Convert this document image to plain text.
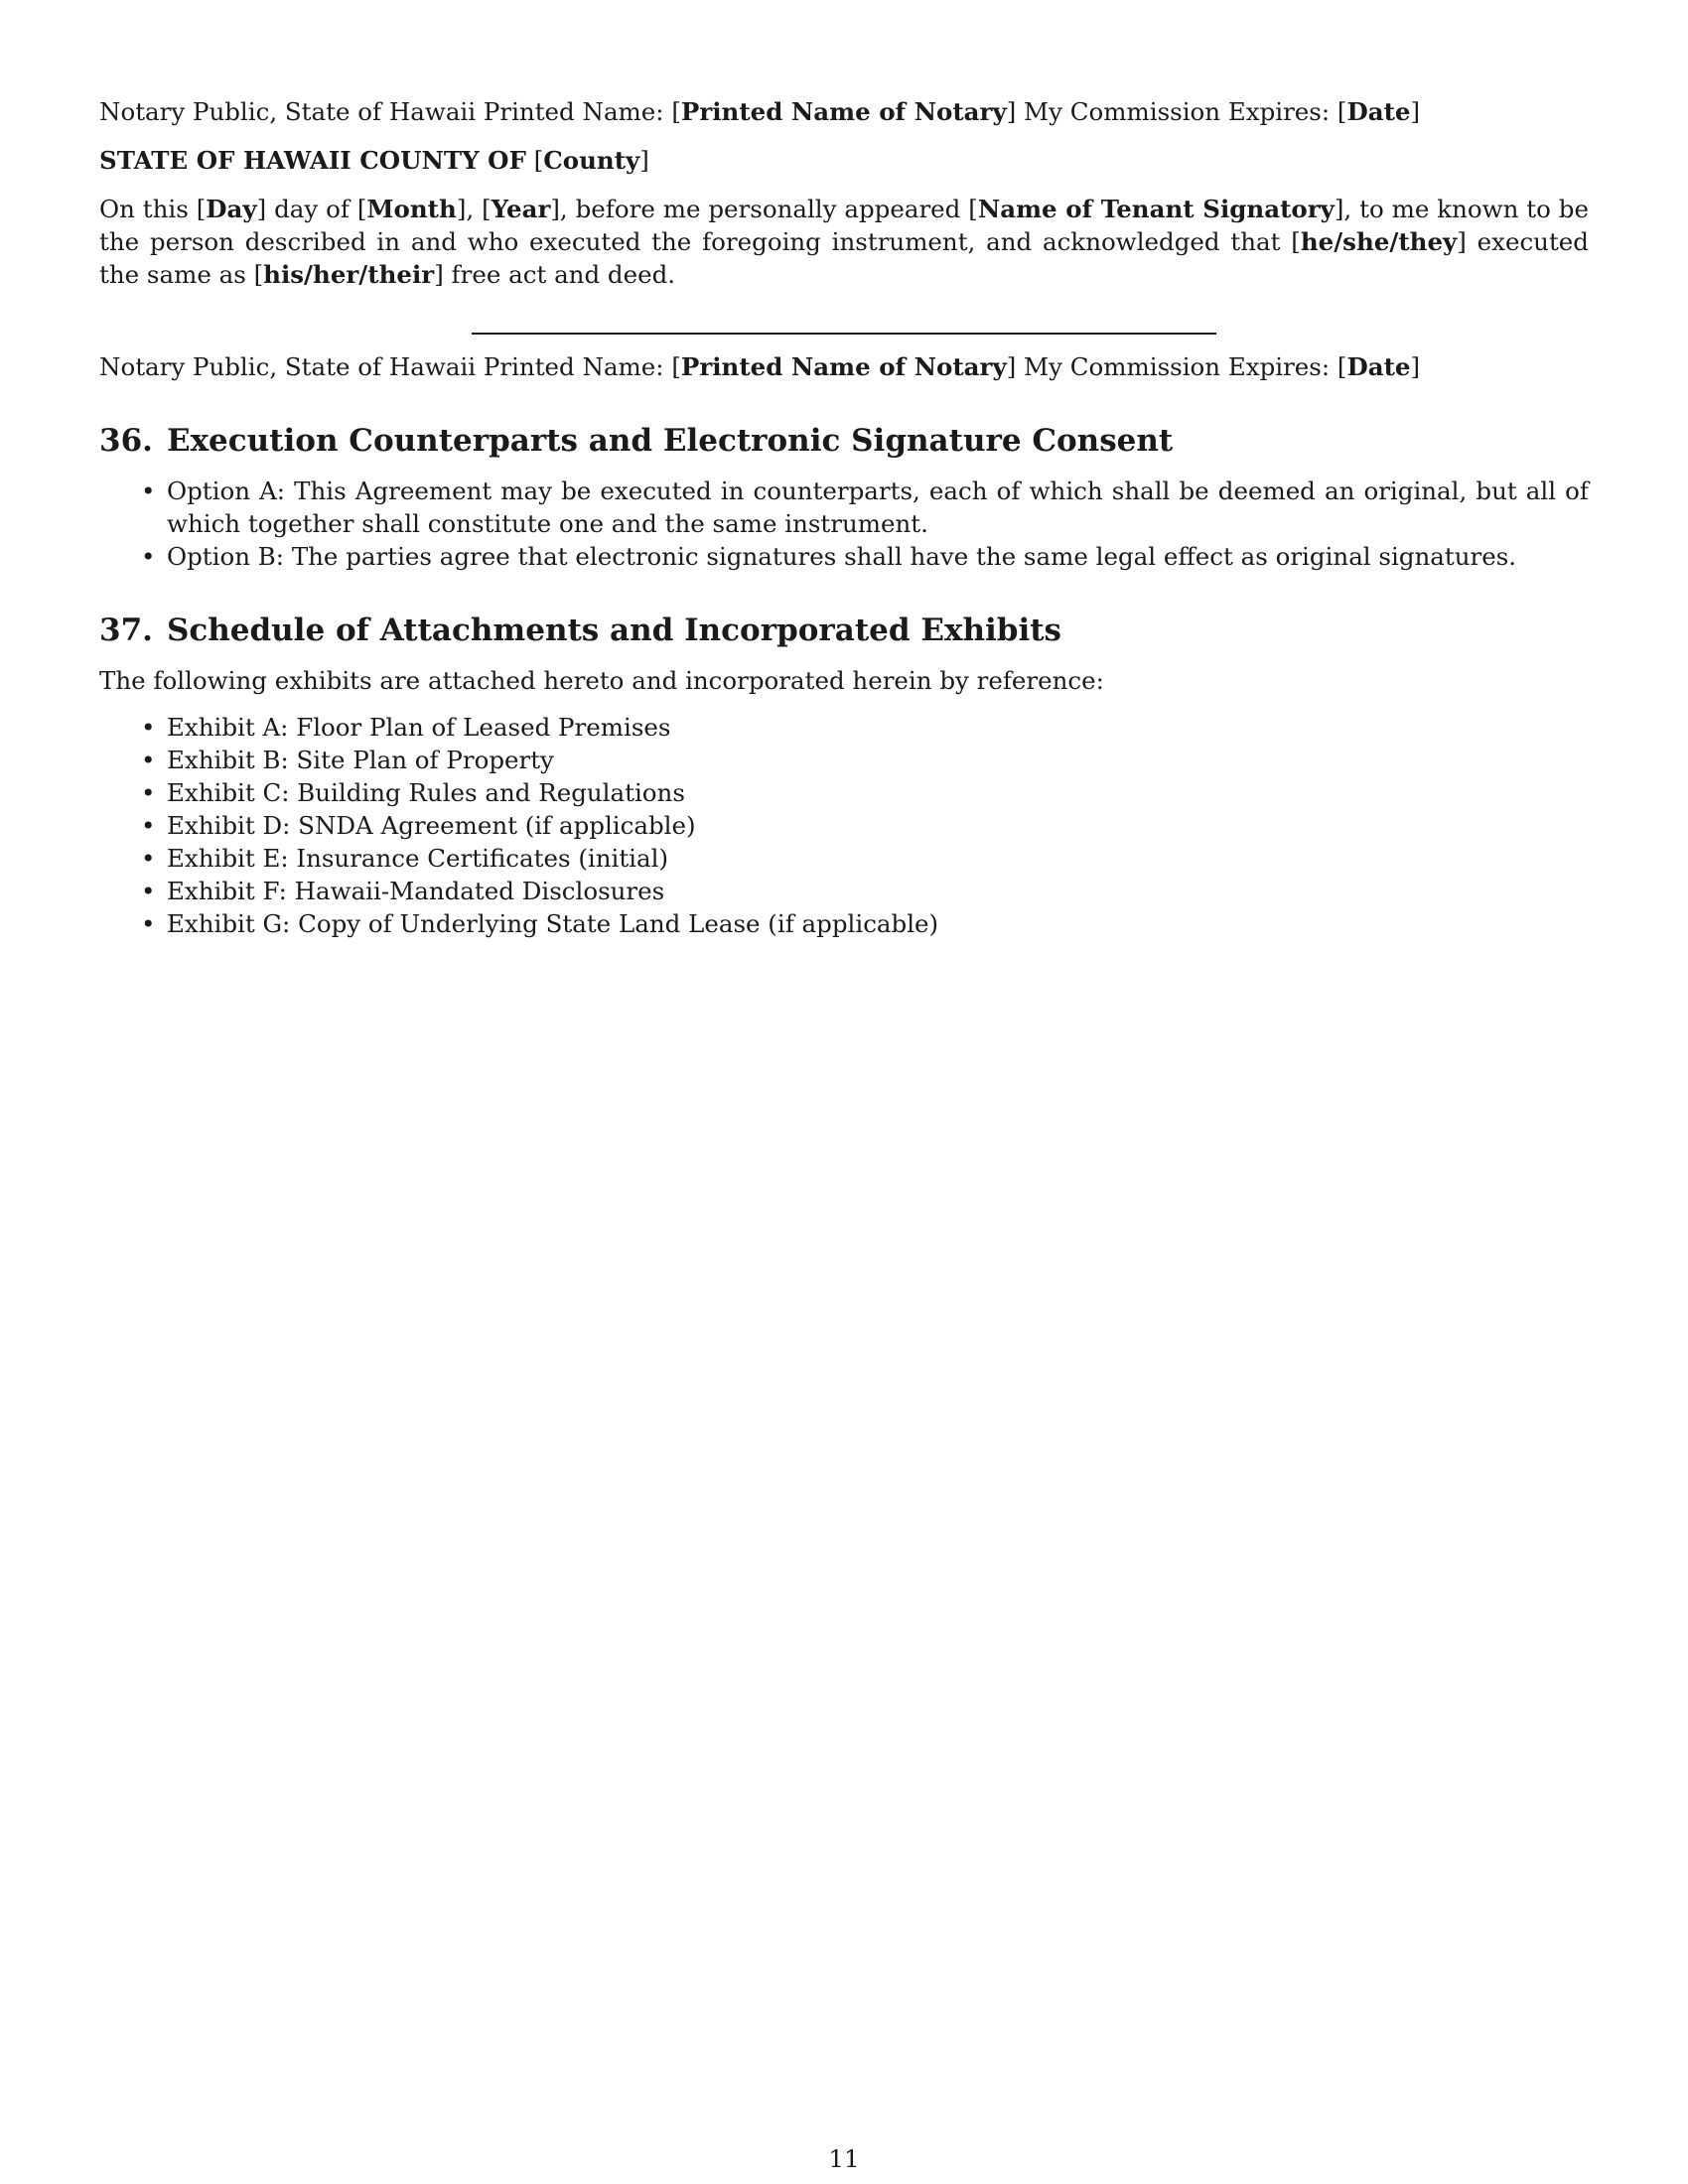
Notary Public, State of Hawaii Printed Name: [Printed Name of Notary] My Commission Expires: [Date]

STATE OF HAWAII COUNTY OF [County]

On this [Day] day of [Month], [Year], before me personally appeared [Name of Tenant Signatory], to me known to be the person described in and who executed the foregoing instrument, and acknowledged that [he/she/they] executed the same as [his/her/their] free act and deed.

Notary Public, State of Hawaii Printed Name: [Printed Name of Notary] My Commission Expires: [Date]

36. Execution Counterparts and Electronic Signature Consent
• Option A: This Agreement may be executed in counterparts, each of which shall be deemed an original, but all of which together shall constitute one and the same instrument.
• Option B: The parties agree that electronic signatures shall have the same legal effect as original signatures.
37. Schedule of Attachments and Incorporated Exhibits

The following exhibits are attached hereto and incorporated herein by reference:

• Exhibit A: Floor Plan of Leased Premises
• Exhibit B: Site Plan of Property
• Exhibit C: Building Rules and Regulations
• Exhibit D: SNDA Agreement (if applicable)
• Exhibit E: Insurance Certificates (initial)
• Exhibit F: Hawaii-Mandated Disclosures
• Exhibit G: Copy of Underlying State Land Lease (if applicable)
11
